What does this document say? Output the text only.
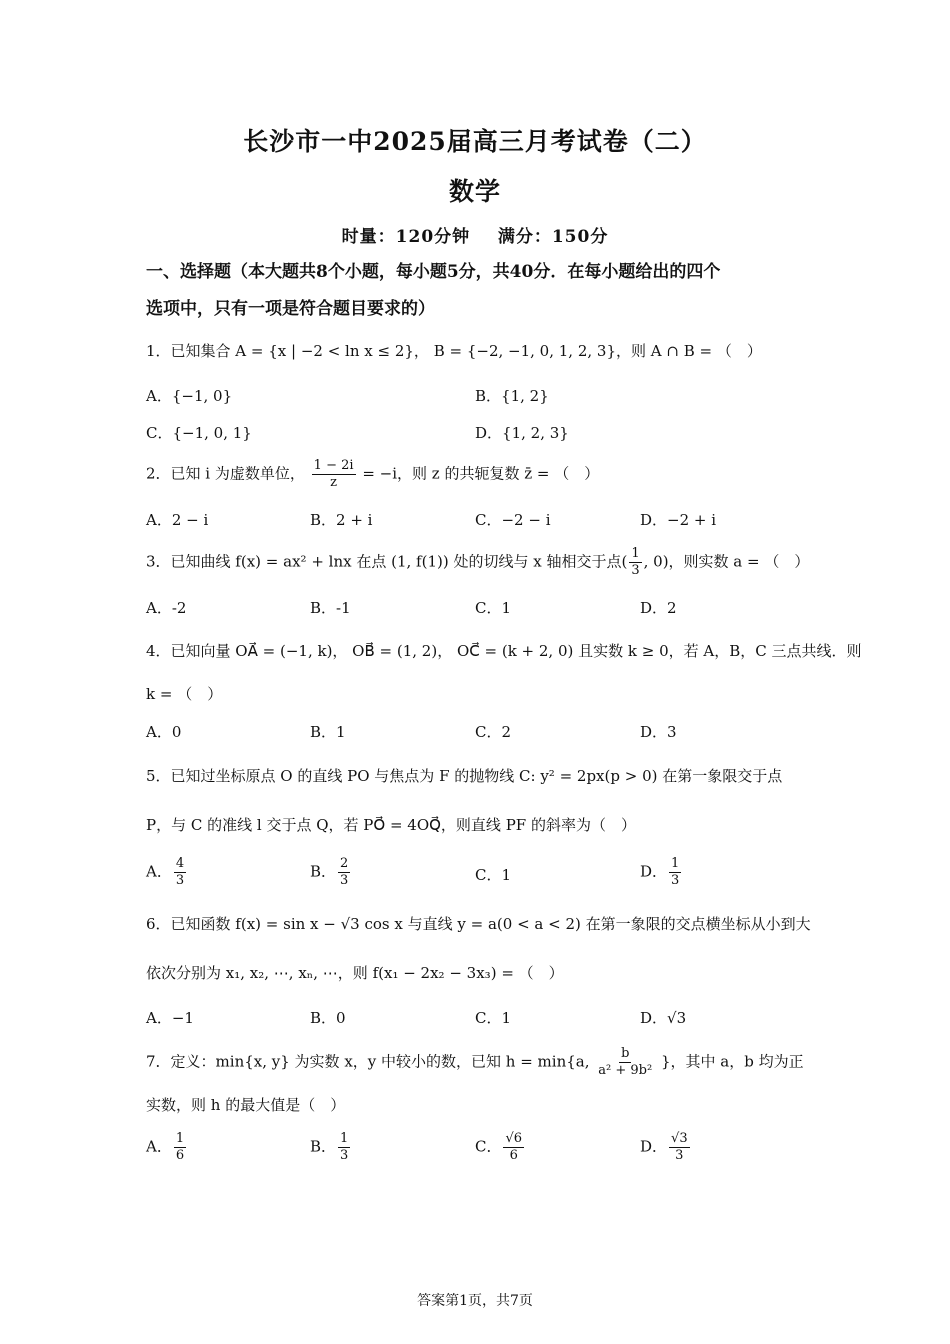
长沙市一中2025届高三月考试卷（二）
数学
时量：120分钟    满分：150分
一、选择题（本大题共8个小题，每小题5分，共40分．在每小题给出的四个
选项中，只有一项是符合题目要求的）
1．已知集合 A = {x | −2 < ln x ≤ 2}， B = {−2, −1, 0, 1, 2, 3}，则 A ∩ B = （　）
A．{−1, 0}	B．{1, 2}
C．{−1, 0, 1}	D．{1, 2, 3}
2．已知 i 为虚数单位， $\frac{1 - 2i}{z} = -i$，则 z 的共轭复数 z̄ = （　）
A．2 − i	B．2 + i	C．−2 − i	D．−2 + i
3．已知曲线 f(x) = ax² + lnx 在点 (1, f(1)) 处的切线与 x 轴相交于点( $\frac{1}{3}$ , 0)，则实数 a = （　）
A．-2	B．-1	C．1	D．2
4．已知向量 OA⃗ = (−1, k)， OB⃗ = (1, 2)， OC⃗ = (k + 2, 0) 且实数 k ≥ 0，若 A，B，C 三点共线．则
k = （　）
A．0	B．1	C．2	D．3
5．已知过坐标原点 O 的直线 PO 与焦点为 F 的抛物线 C: y² = 2px(p > 0) 在第一象限交于点
P，与 C 的准线 l 交于点 Q，若 PO⃗ = 4OQ⃗，则直线 PF 的斜率为（　）
A． $\frac{4}{3}$	B． $\frac{2}{3}$	C．1	D． $\frac{1}{3}$
6．已知函数 f(x) = sin x − √3 cos x 与直线 y = a(0 < a < 2) 在第一象限的交点横坐标从小到大
依次分别为 x₁, x₂, ⋯, xₙ, ⋯，则 f(x₁ − 2x₂ − 3x₃) = （　）
A．−1	B．0	C．1	D．√3
7．定义：min{x, y} 为实数 x，y 中较小的数，已知 h = min{a, $\frac{b}{\text{a² + 9b²}}$ }，其中 a，b 均为正
实数，则 h 的最大值是（　）
A． $\frac{1}{6}$	B． $\frac{1}{3}$	C． $\frac{√6}{6}$	D． $\frac{√3}{3}$
答案第1页，共7页
